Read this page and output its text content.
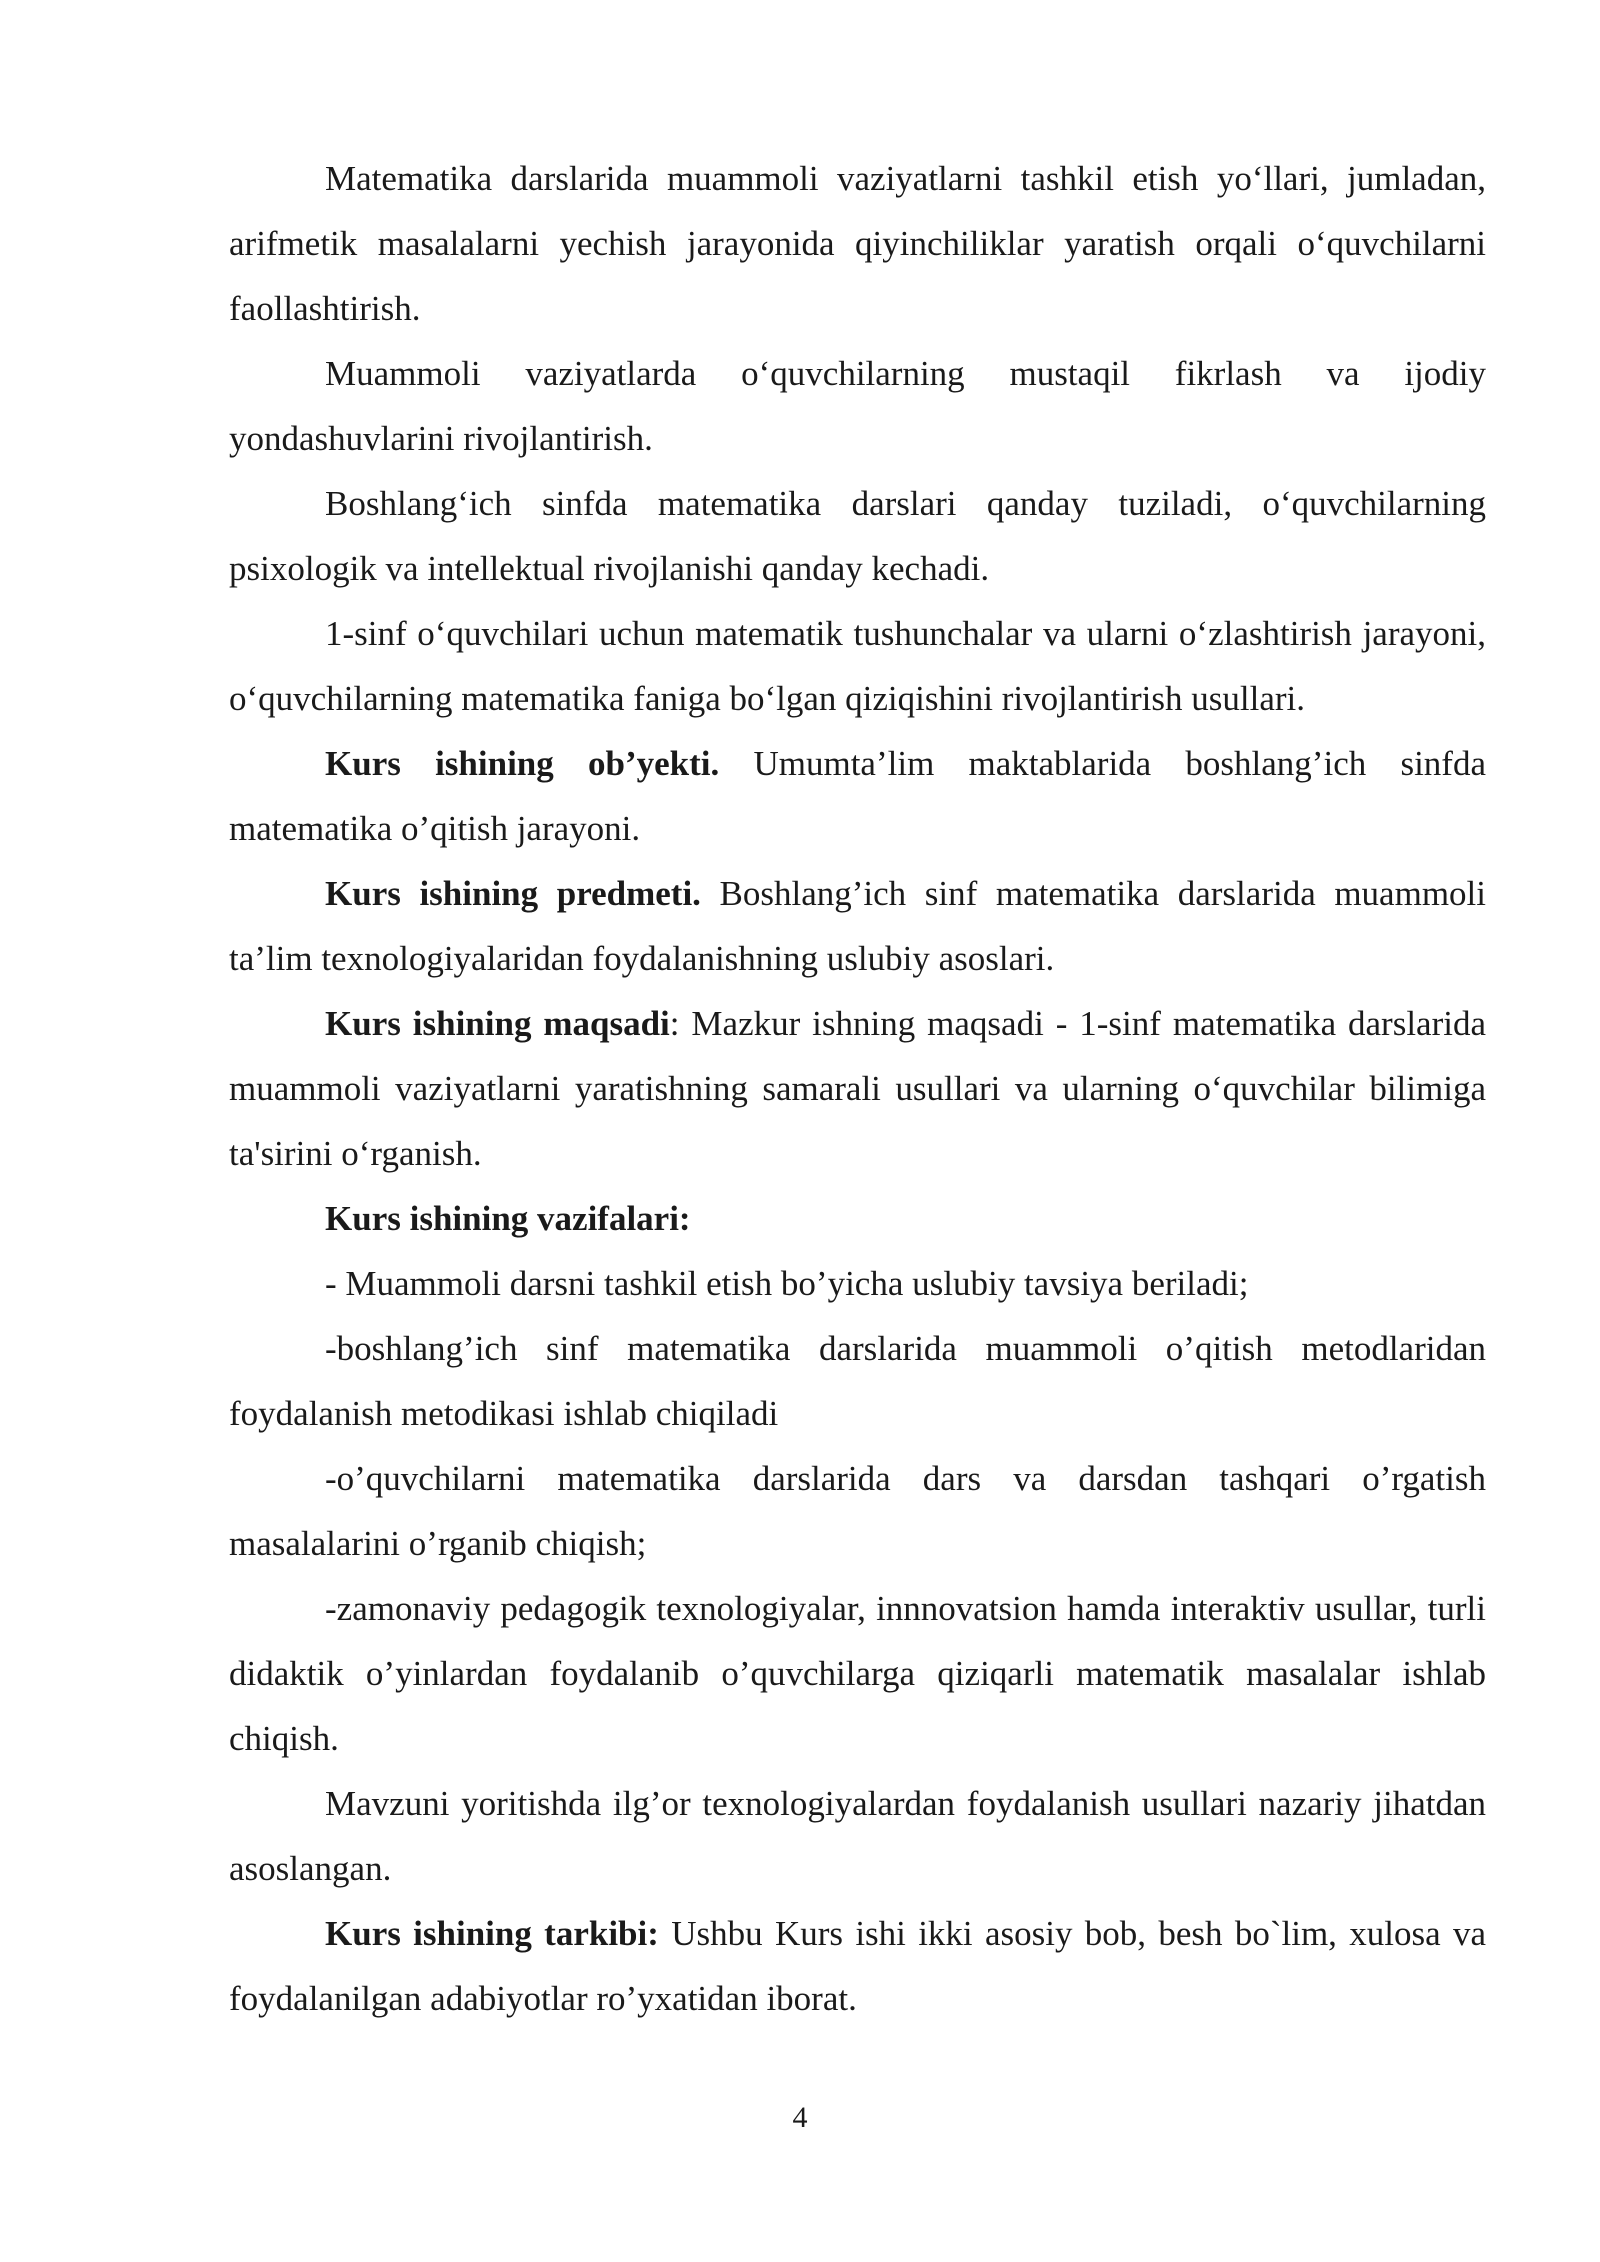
Matematika darslarida muammoli vaziyatlarni tashkil etish yo‘llari, jumladan, arifmetik masalalarni yechish jarayonida qiyinchiliklar yaratish orqali o‘quvchilarni faollashtirish.

Muammoli vaziyatlarda o‘quvchilarning mustaqil fikrlash va ijodiy yondashuvlarini rivojlantirish.

Boshlang‘ich sinfda matematika darslari qanday tuziladi, o‘quvchilarning psixologik va intellektual rivojlanishi qanday kechadi.

1-sinf o‘quvchilari uchun matematik tushunchalar va ularni o‘zlashtirish jarayoni, o‘quvchilarning matematika faniga bo‘lgan qiziqishini rivojlantirish usullari.

Kurs ishining ob’yekti. Umumta’lim maktablarida boshlang’ich sinfda matematika o’qitish jarayoni.

Kurs ishining predmeti. Boshlang’ich sinf matematika darslarida muammoli ta’lim texnologiyalaridan foydalanishning uslubiy asoslari.

Kurs ishining maqsadi: Mazkur ishning maqsadi - 1-sinf matematika darslarida muammoli vaziyatlarni yaratishning samarali usullari va ularning o‘quvchilar bilimiga ta'sirini o‘rganish.

Kurs ishining vazifalari:

- Muammoli darsni tashkil etish bo’yicha uslubiy tavsiya beriladi;

-boshlang’ich sinf matematika darslarida muammoli o’qitish metodlaridan foydalanish metodikasi ishlab chiqiladi

-o’quvchilarni matematika darslarida dars va darsdan tashqari o’rgatish masalalarini o’rganib chiqish;

-zamonaviy pedagogik texnologiyalar, innnovatsion hamda interaktiv usullar, turli didaktik o’yinlardan foydalanib o’quvchilarga qiziqarli matematik masalalar ishlab chiqish.

Mavzuni yoritishda ilg’or texnologiyalardan foydalanish usullari nazariy jihatdan asoslangan.

Kurs ishining tarkibi: Ushbu Kurs ishi ikki asosiy bob, besh bo`lim, xulosa va foydalanilgan adabiyotlar ro’yxatidan iborat.

4
